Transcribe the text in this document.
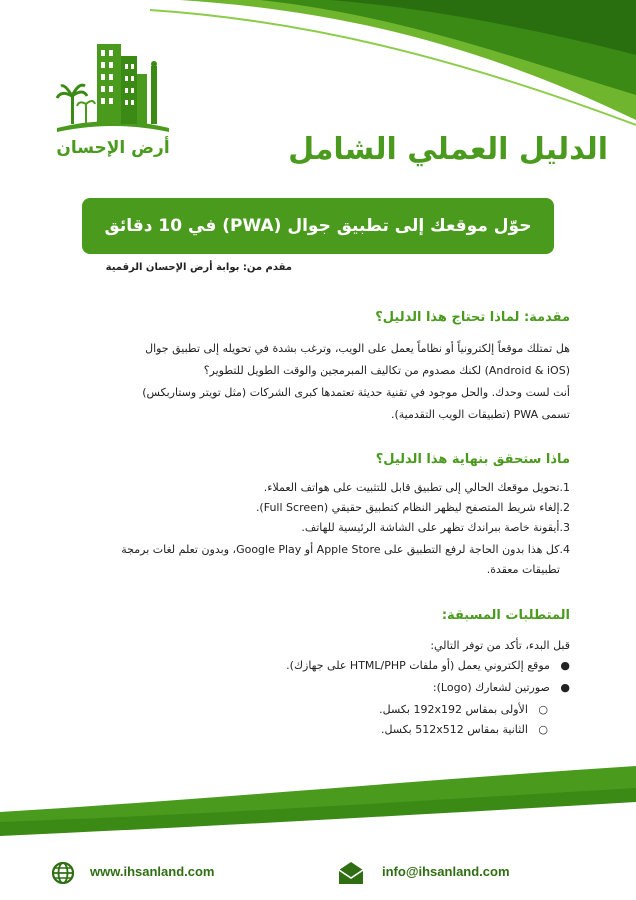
أرض الإحسان	الدليل العملي الشامل
حوّل موقعك إلى تطبيق جوال (PWA) في 10 دقائق
مقدم من: بوابة أرض الإحسان الرقمية
مقدمة: لماذا تحتاج هذا الدليل؟
هل تمتلك موقعاً إلكترونياً أو نظاماً يعمل على الويب، وترغب بشدة في تحويله إلى تطبيق جوال
(Android & iOS) لكنك مصدوم من تكاليف المبرمجين والوقت الطويل للتطوير؟
أنت لست وحدك. والحل موجود في تقنية حديثة تعتمدها كبرى الشركات (مثل تويتر وستاربكس)
تسمى PWA (تطبيقات الويب التقدمية).
ماذا ستحقق بنهاية هذا الدليل؟
1.تحويل موقعك الحالي إلى تطبيق قابل للتثبيت على هواتف العملاء.
2.إلغاء شريط المتصفح ليظهر النظام كتطبيق حقيقي (Full Screen).
3.أيقونة خاصة ببراندك تظهر على الشاشة الرئيسية للهاتف.
4.كل هذا بدون الحاجة لرفع التطبيق على Apple Store أو Google Play، وبدون تعلم لغات برمجة
تطبيقات معقدة.
المتطلبات المسبقة:
قبل البدء، تأكد من توفر التالي:
●   موقع إلكتروني يعمل (أو ملفات HTML/PHP على جهازك).
●   صورتين لشعارك (Logo):
○   الأولى بمقاس 192x192 بكسل.
○   الثانية بمقاس 512x512 بكسل.
www.ihsanland.com	info@ihsanland.com
